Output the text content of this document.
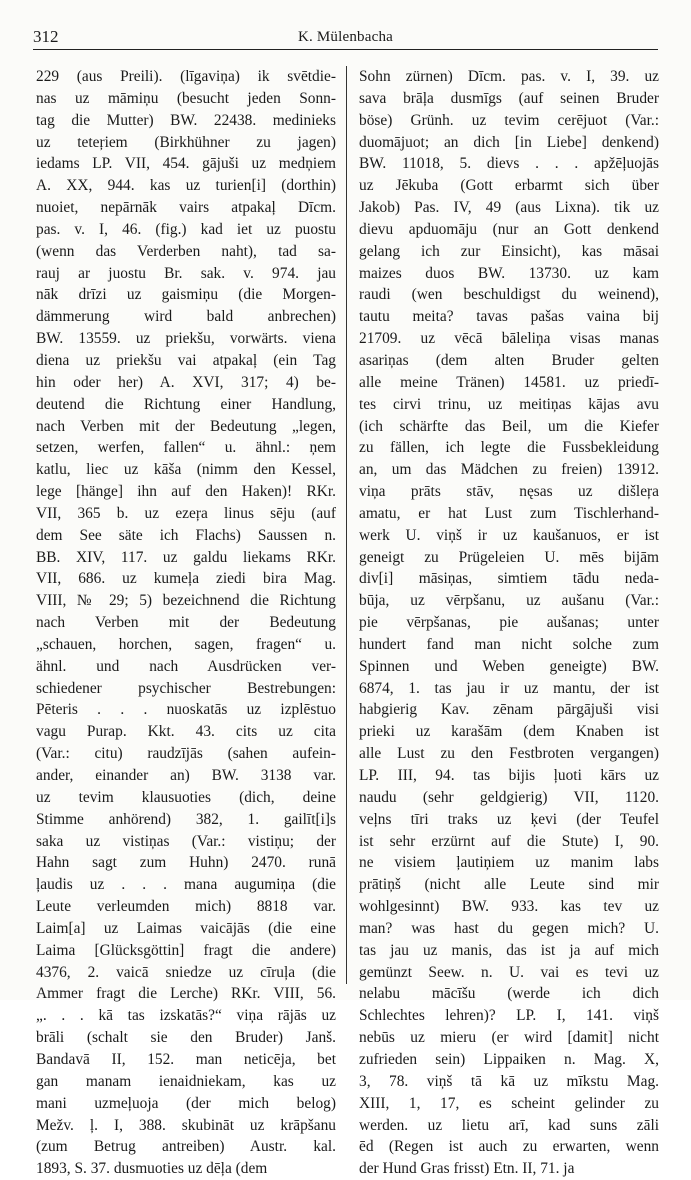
312	K. Mülenbacha
229 (aus Preili). (līgaviņa) ik svētdie-
nas uz māmiņu (besucht jeden Sonn-
tag die Mutter) BW. 22438. medinieks
uz teteŗiem (Birkhühner zu jagen)
iedams LP. VII, 454. gājuši uz medņiem
A. XX, 944. kas uz turien[i] (dorthin)
nuoiet, nepārnāk vairs atpakaļ Dīcm.
pas. v. I, 46. (fig.) kad iet uz puostu
(wenn das Verderben naht), tad sa-
rauj ar juostu Br. sak. v. 974. jau
nāk drīzi uz gaismiņu (die Morgen-
dämmerung wird bald anbrechen)
BW. 13559. uz priekšu, vorwärts. viena
diena uz priekšu vai atpakaļ (ein Tag
hin oder her) A. XVI, 317; 4) be-
deutend die Richtung einer Handlung,
nach Verben mit der Bedeutung „legen,
setzen, werfen, fallen“ u. ähnl.: ņem
katlu, liec uz kāša (nimm den Kessel,
lege [hänge] ihn auf den Haken)! RKr.
VII, 365 b. uz ezeŗa linus sēju (auf
dem See säte ich Flachs) Saussen n.
BB. XIV, 117. uz galdu liekams RKr.
VII, 686. uz kumeļa ziedi bira Mag.
VIII, № 29; 5) bezeichnend die Richtung
nach Verben mit der Bedeutung
„schauen, horchen, sagen, fragen“ u.
ähnl. und nach Ausdrücken ver-
schiedener psychischer Bestrebungen:
Pēteris . . . nuoskatās uz izplēstuo
vagu Purap. Kkt. 43. cits uz cita
(Var.: citu) raudzījās (sahen aufein-
ander, einander an) BW. 3138 var.
uz tevim klausuoties (dich, deine
Stimme anhörend) 382, 1. gailīt[i]s
saka uz vistiņas (Var.: vistiņu; der
Hahn sagt zum Huhn) 2470. runā
ļaudis uz . . . mana augumiņa (die
Leute verleumden mich) 8818 var.
Laim[a] uz Laimas vaicājās (die eine
Laima [Glücksgöttin] fragt die andere)
4376, 2. vaicā sniedze uz cīruļa (die
Ammer fragt die Lerche) RKr. VIII, 56.
„. . . kā tas izskatās?“ viņa rājās uz
brāli (schalt sie den Bruder) Janš.
Bandavā II, 152. man neticēja, bet
gan manam ienaidniekam, kas uz
mani uzmeļuoja (der mich belog)
Mežv. ļ. I, 388. skubināt uz krāpšanu
(zum Betrug antreiben) Austr. kal.
1893, S. 37. dusmuoties uz dēļa (dem
Sohn zürnen) Dīcm. pas. v. I, 39. uz
sava brāļa dusmīgs (auf seinen Bruder
böse) Grünh. uz tevim cerējuot (Var.:
duomājuot; an dich [in Liebe] denkend)
BW. 11018, 5. dievs . . . apžēļuojās
uz Jēkuba (Gott erbarmt sich über
Jakob) Pas. IV, 49 (aus Lixna). tik uz
dievu apduomāju (nur an Gott denkend
gelang ich zur Einsicht), kas māsai
maizes duos BW. 13730. uz kam
raudi (wen beschuldigst du weinend),
tautu meita? tavas pašas vaina bij
21709. uz vēcā bāleliņa visas manas
asariņas (dem alten Bruder gelten
alle meine Tränen) 14581. uz priedī-
tes cirvi trinu, uz meitiņas kājas avu
(ich schärfte das Beil, um die Kiefer
zu fällen, ich legte die Fussbekleidung
an, um das Mädchen zu freien) 13912.
viņa prāts stāv, nęsas uz dišleŗa
amatu, er hat Lust zum Tischlerhand-
werk U. viņš ir uz kaušanuos, er ist
geneigt zu Prügeleien U. mēs bijām
div[i] māsiņas, simtiem tādu neda-
būja, uz vērpšanu, uz aušanu (Var.:
pie vērpšanas, pie aušanas; unter
hundert fand man nicht solche zum
Spinnen und Weben geneigte) BW.
6874, 1. tas jau ir uz mantu, der ist
habgierig Kav. zēnam pārgājuši visi
prieki uz karašām (dem Knaben ist
alle Lust zu den Festbroten vergangen)
LP. III, 94. tas bijis ļuoti kārs uz
naudu (sehr geldgierig) VII, 1120.
veļns tīri traks uz ķevi (der Teufel
ist sehr erzürnt auf die Stute) I, 90.
ne visiem ļautiņiem uz manim labs
prātiņš (nicht alle Leute sind mir
wohlgesinnt) BW. 933. kas tev uz
man? was hast du gegen mich? U.
tas jau uz manis, das ist ja auf mich
gemünzt Seew. n. U. vai es tevi uz
nelabu mācīšu (werde ich dich
Schlechtes lehren)? LP. I, 141. viņš
nebūs uz mieru (er wird [damit] nicht
zufrieden sein) Lippaiken n. Mag. X,
3, 78. viņš tā kā uz mīkstu Mag.
XIII, 1, 17, es scheint gelinder zu
werden. uz lietu arī, kad suns zāli
ēd (Regen ist auch zu erwarten, wenn
der Hund Gras frisst) Etn. II, 71. ja
